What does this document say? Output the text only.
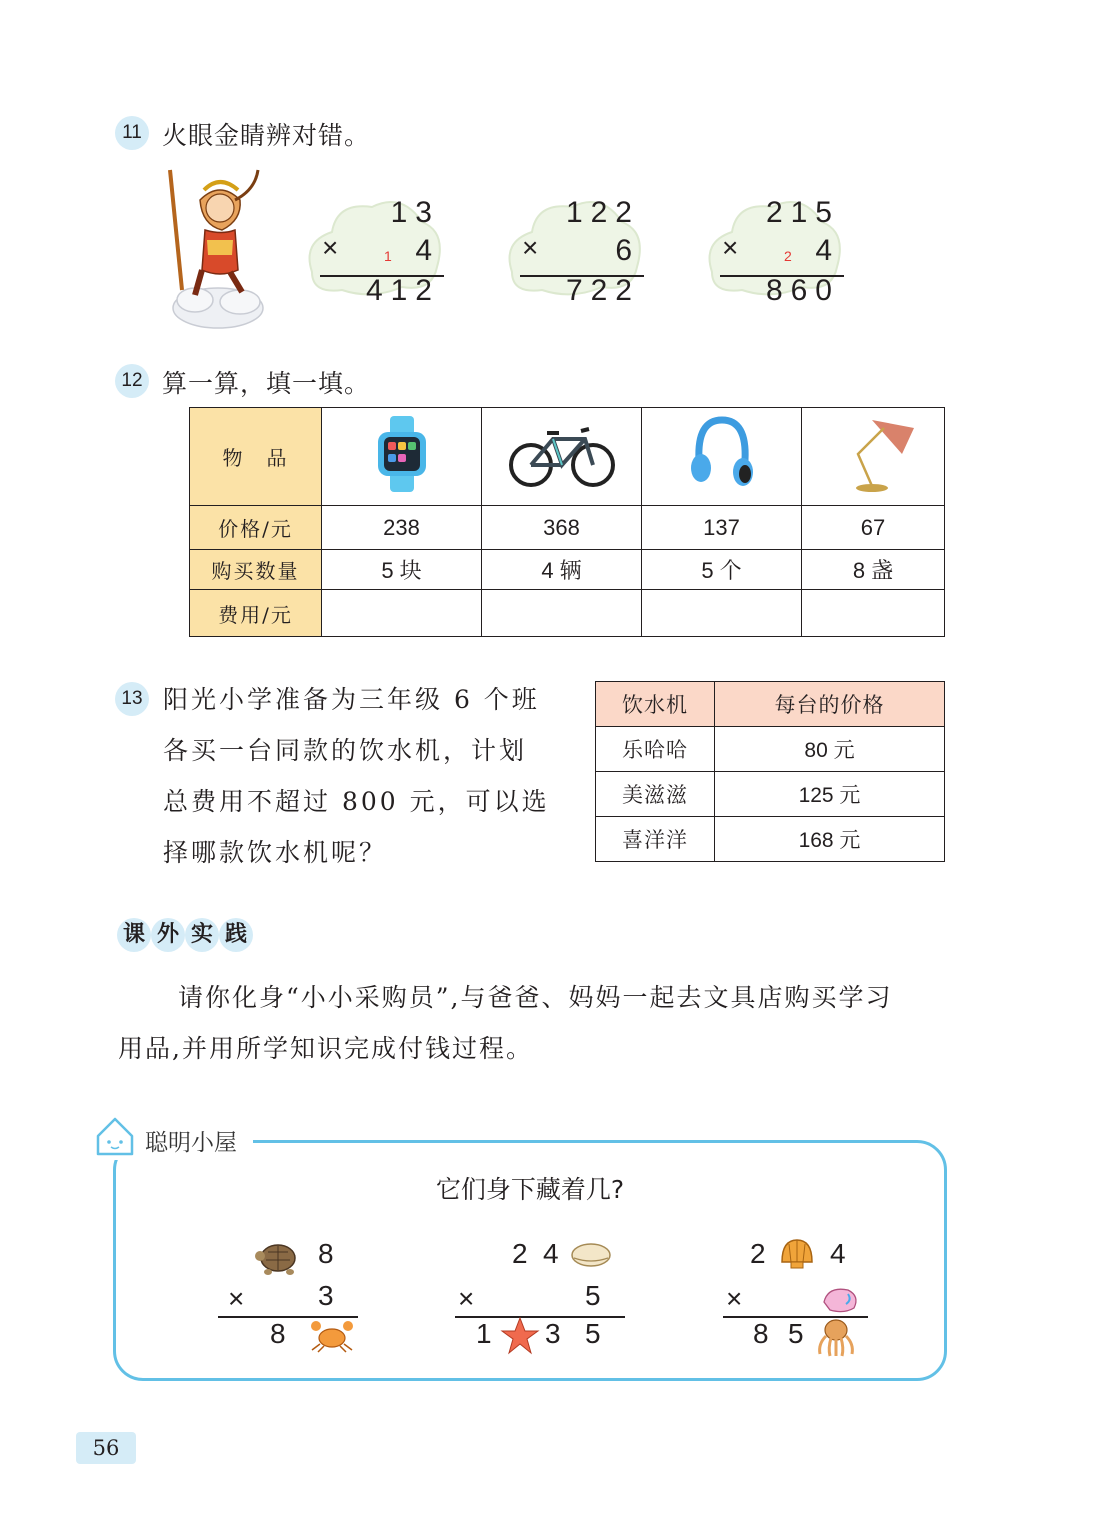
11 火眼金睛辨对错。
13
×	1 4
412
122
×	6
722
215
×	2 4
860
12 算一算，填一填。
物　品				
价格/元	238	368	137	67
购买数量	5 块	4 辆	5 个	8 盏
费用/元				
13 阳光小学准备为三年级 6 个班
各买一台同款的饮水机，计划
总费用不超过 800 元，可以选
择哪款饮水机呢？
饮水机	每台的价格
乐哈哈	80 元
美滋滋	125 元
喜洋洋	168 元
课 外 实 践
请你化身“小小采购员”,与爸爸、妈妈一起去文具店购买学习
用品,并用所学知识完成付钱过程。
聪明小屋
它们身下藏着几?
8
×	3
8
2 4
×	5
1 3 5
2 4
×
8 5
56
